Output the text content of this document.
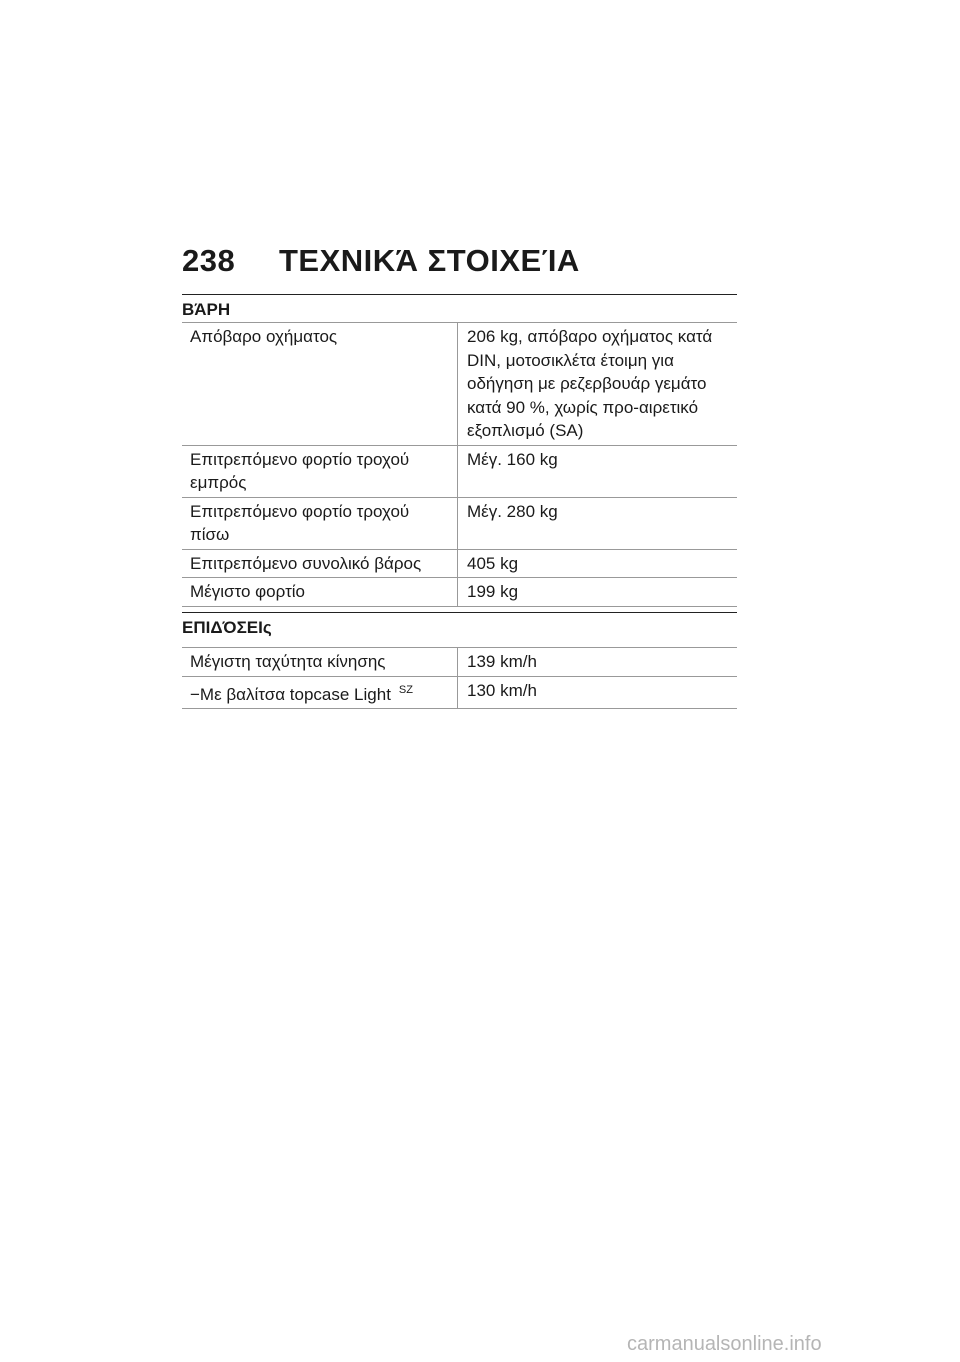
238 ΤΕΧΝΙΚΆ ΣΤΟΙΧΕΊΑ
ΒΆΡΗ
Απόβαρο οχήματος	206 kg, απόβαρο οχήματος κατά DIN, μοτοσικλέτα έτοιμη για οδήγηση με ρεζερβουάρ γεμάτο κατά 90 %, χωρίς προ-αιρετικό εξοπλισμό (SA)
Επιτρεπόμενο φορτίο τροχού εμπρός	Μέγ. 160 kg
Επιτρεπόμενο φορτίο τροχού πίσω	Μέγ. 280 kg
Επιτρεπόμενο συνολικό βάρος	405 kg
Μέγιστο φορτίο	199 kg
ΕΠΙΔΌΣΕΙς
Μέγιστη ταχύτητα κίνησης	139 km/h
−Με βαλίτσα topcase Light $^{SZ}$	130 km/h
carmanualsonline.info
